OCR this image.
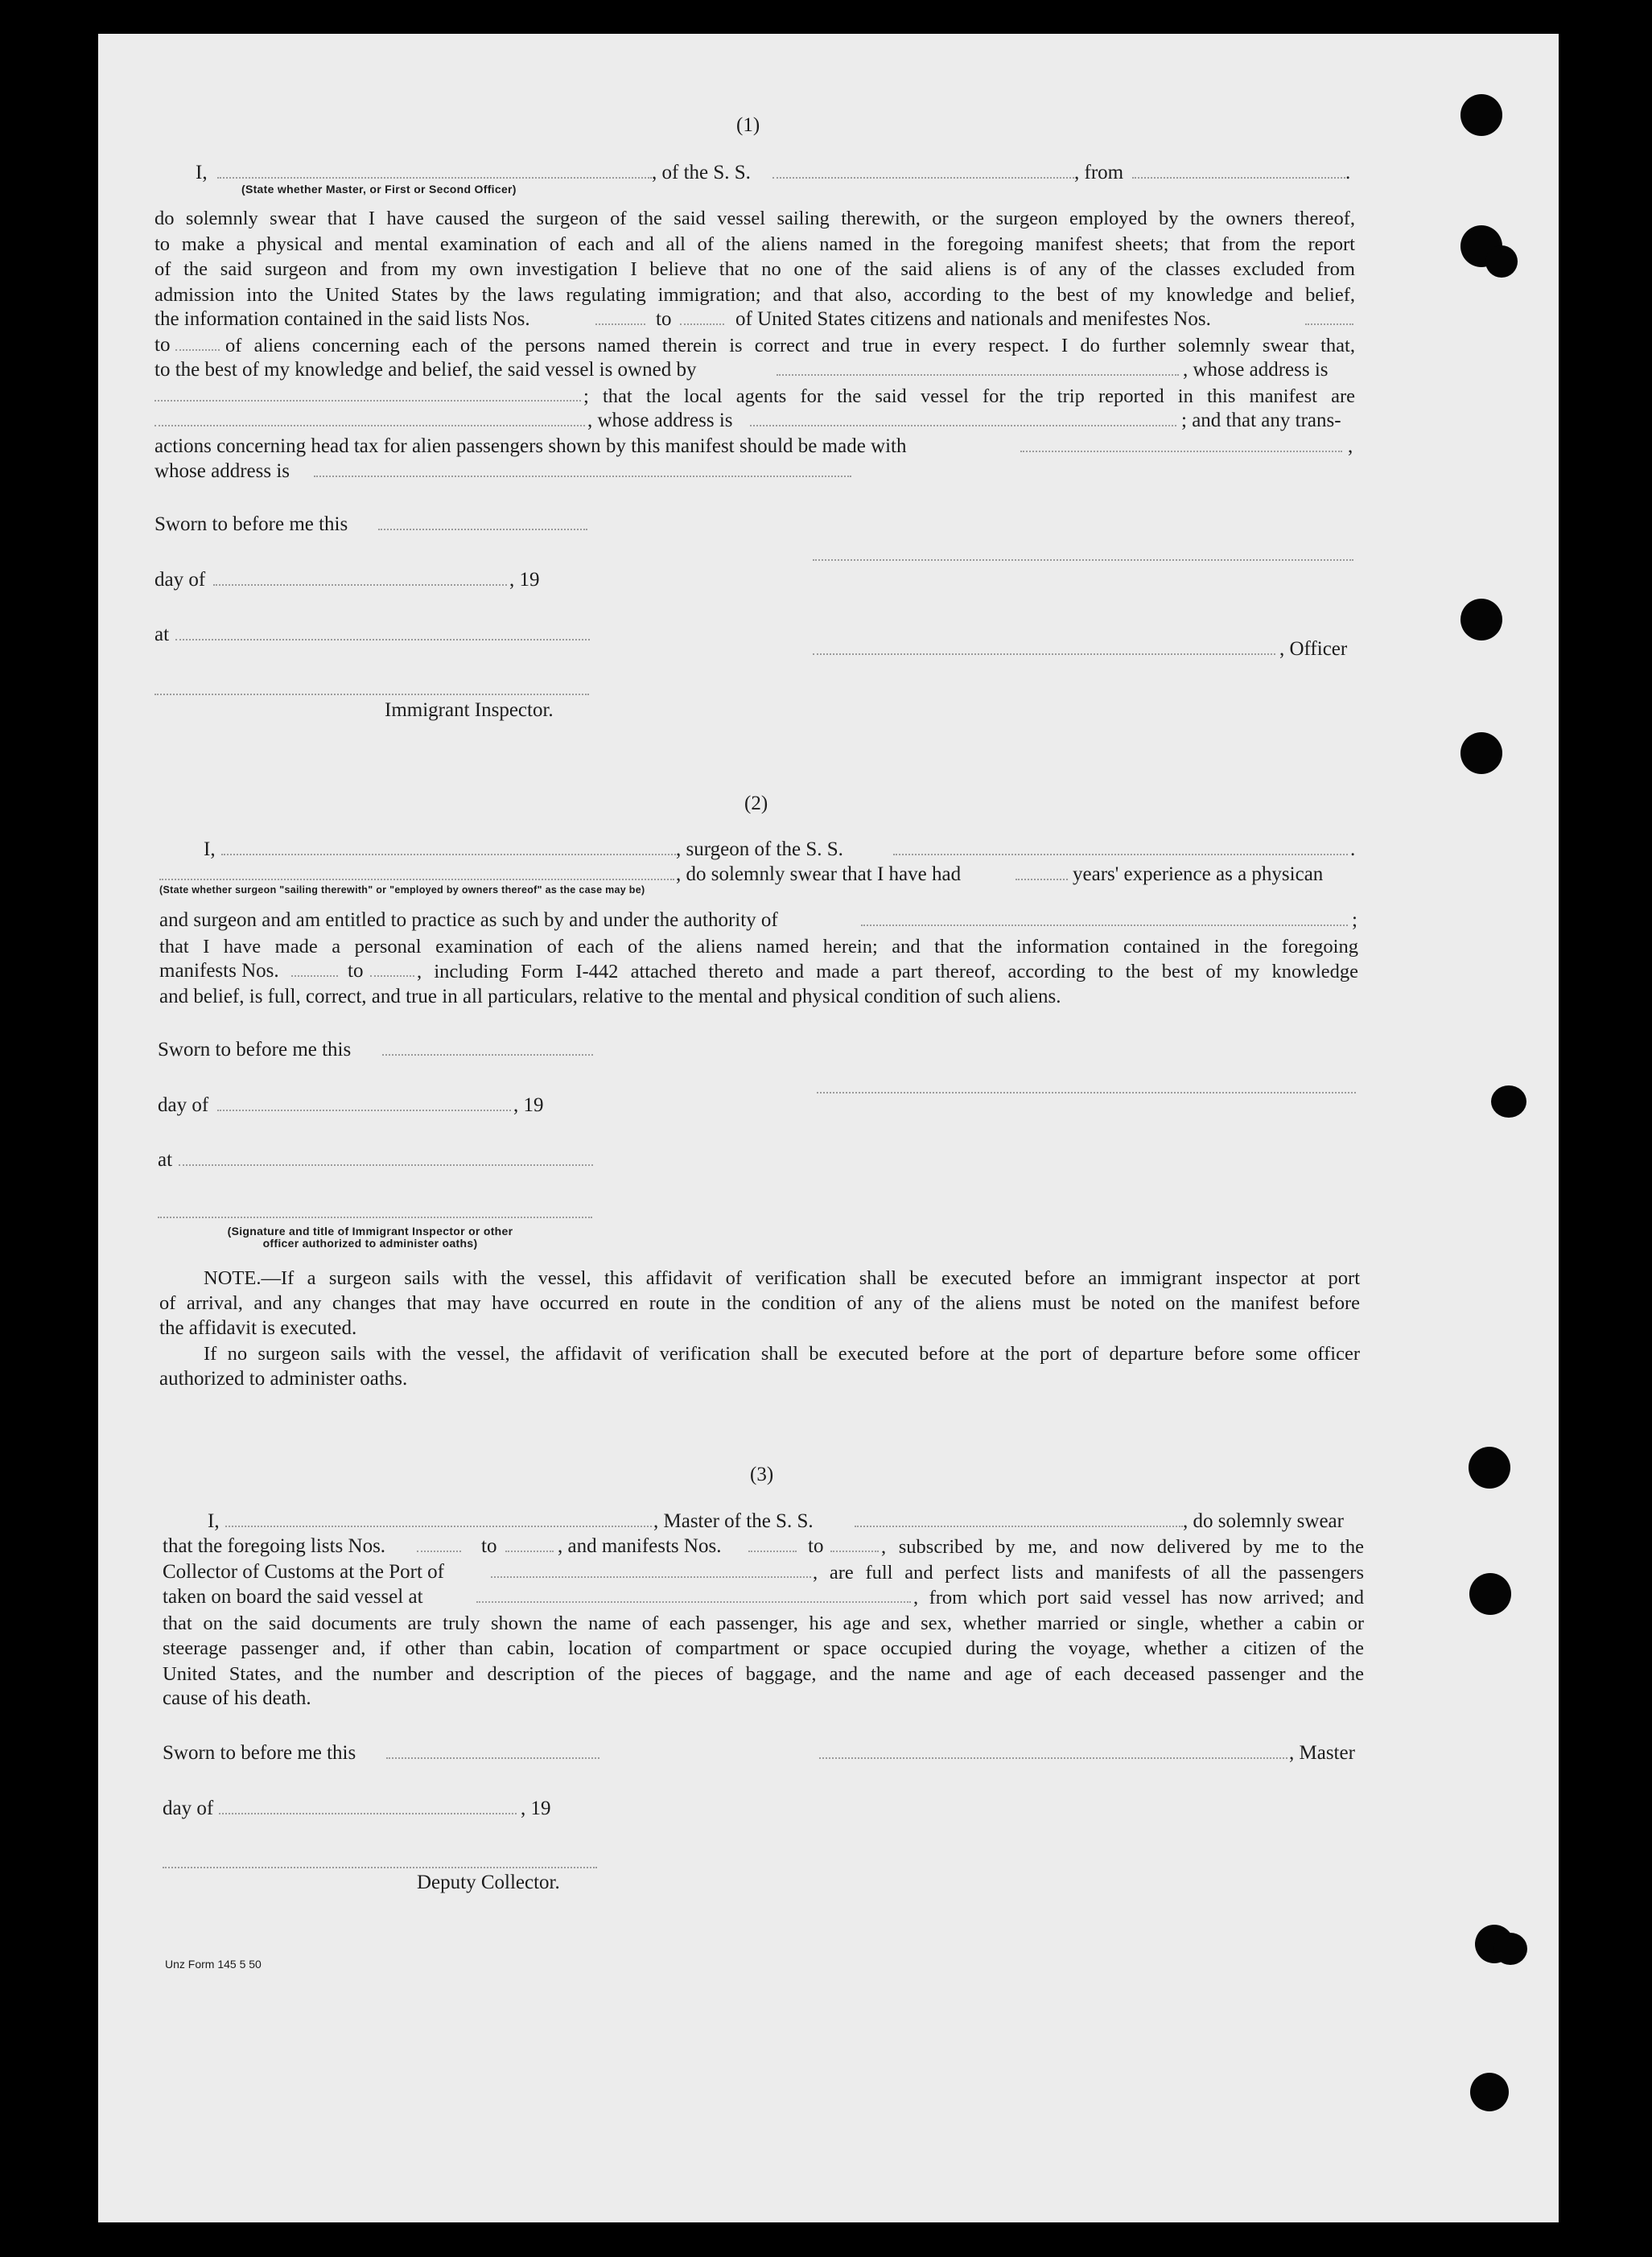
(1)
I,	, of the S. S.	, from	.
(State whether Master, or First or Second Officer)
do solemnly swear that I have caused the surgeon of the said vessel sailing therewith, or the surgeon employed by the owners thereof,
to make a physical and mental examination of each and all of the aliens named in the foregoing manifest sheets; that from the report
of the said surgeon and from my own investigation I believe that no one of the said aliens is of any of the classes excluded from
admission into the United States by the laws regulating immigration; and that also, according to the best of my knowledge and belief,
the information contained in the said lists Nos.	to	of United States citizens and nationals and menifestes Nos.
to	of aliens concerning each of the persons named therein is correct and true in every respect. I do further solemnly swear that,
to the best of my knowledge and belief, the said vessel is owned by	, whose address is
; that the local agents for the said vessel for the trip reported in this manifest are
, whose address is	; and that any trans-
actions concerning head tax for alien passengers shown by this manifest should be made with	,
whose address is
Sworn to before me this
day of	, 19
at
, Officer
Immigrant Inspector.
(2)
I,	, surgeon of the S. S.	.
, do solemnly swear that I have had	years' experience as a physican
(State whether surgeon "sailing therewith" or "employed by owners thereof" as the case may be)
and surgeon and am entitled to practice as such by and under the authority of	;
that I have made a personal examination of each of the aliens named herein; and that the information contained in the foregoing
manifests Nos.	to	, including Form I-442 attached thereto and made a part thereof, according to the best of my knowledge
and belief, is full, correct, and true in all particulars, relative to the mental and physical condition of such aliens.
Sworn to before me this
day of	, 19
at
(Signature and title of Immigrant Inspector or other
officer authorized to administer oaths)
NOTE.—If a surgeon sails with the vessel, this affidavit of verification shall be executed before an immigrant inspector at port
of arrival, and any changes that may have occurred en route in the condition of any of the aliens must be noted on the manifest before
the affidavit is executed.
If no surgeon sails with the vessel, the affidavit of verification shall be executed before at the port of departure before some officer
authorized to administer oaths.
(3)
I,	, Master of the S. S.	, do solemnly swear
that the foregoing lists Nos.	to	, and manifests Nos.	to	, subscribed by me, and now delivered by me to the
Collector of Customs at the Port of	, are full and perfect lists and manifests of all the passengers
taken on board the said vessel at	, from which port said vessel has now arrived; and
that on the said documents are truly shown the name of each passenger, his age and sex, whether married or single, whether a cabin or
steerage passenger and, if other than cabin, location of compartment or space occupied during the voyage, whether a citizen of the
United States, and the number and description of the pieces of baggage, and the name and age of each deceased passenger and the
cause of his death.
Sworn to before me this	, Master
day of	, 19
Deputy Collector.
Unz Form 145 5 50
